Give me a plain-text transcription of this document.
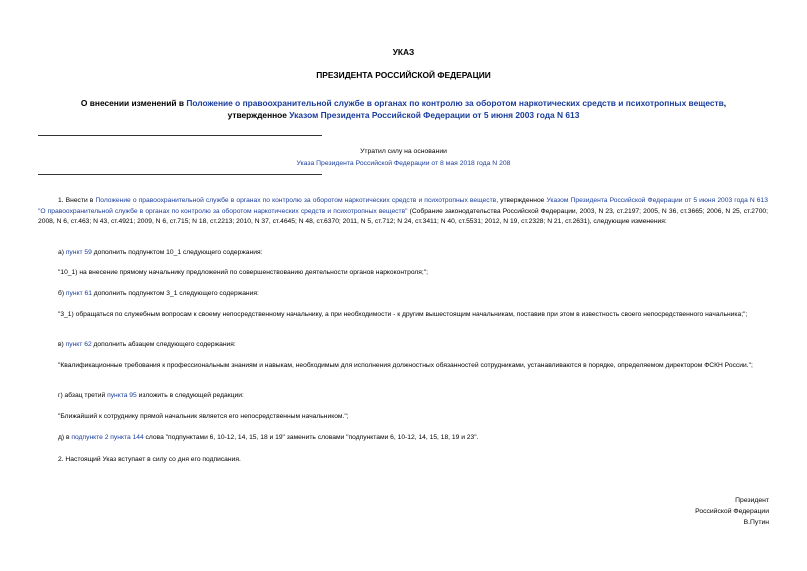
УКАЗ
ПРЕЗИДЕНТА РОССИЙСКОЙ ФЕДЕРАЦИИ
О внесении изменений в Положение о правоохранительной службе в органах по контролю за оборотом наркотических средств и психотропных веществ,
утвержденное Указом Президента Российской Федерации от 5 июня 2003 года N 613
Утратил силу на основании
Указа Президента Российской Федерации от 8 мая 2018 года N 208
1. Внести в Положение о правоохранительной службе в органах по контролю за оборотом наркотических средств и психотропных веществ, утвержденное Указом Президента Российской Федерации от 5 июня 2003 года N 613 "О правоохранительной службе в органах по контролю за оборотом наркотических средств и психотропных веществ" (Собрание законодательства Российской Федерации, 2003, N 23, ст.2197; 2005, N 36, ст.3665; 2006, N 25, ст.2700; 2008, N 6, ст.463; N 43, ст.4921; 2009, N 6, ст.715; N 18, ст.2213; 2010, N 37, ст.4645; N 48, ст.6370; 2011, N 5, ст.712; N 24, ст.3411; N 40, ст.5531; 2012, N 19, ст.2328; N 21, ст.2631), следующие изменения:
а) пункт 59 дополнить подпунктом 10_1 следующего содержания:
"10_1) на внесение прямому начальнику предложений по совершенствованию деятельности органов наркоконтроля;";
б) пункт 61 дополнить подпунктом 3_1 следующего содержания:
"3_1) обращаться по служебным вопросам к своему непосредственному начальнику, а при необходимости - к другим вышестоящим начальникам, поставив при этом в известность своего непосредственного начальника;";
в) пункт 62 дополнить абзацем следующего содержания:
"Квалификационные требования к профессиональным знаниям и навыкам, необходимым для исполнения должностных обязанностей сотрудниками, устанавливаются в порядке, определяемом директором ФСКН России.";
г) абзац третий пункта 95 изложить в следующей редакции:
"Ближайший к сотруднику прямой начальник является его непосредственным начальником.";
д) в подпункте 2 пункта 144 слова "подпунктами 6, 10-12, 14, 15, 18 и 19" заменить словами "подпунктами 6, 10-12, 14, 15, 18, 19 и 23".
2. Настоящий Указ вступает в силу со дня его подписания.
Президент
Российской Федерации
В.Путин
